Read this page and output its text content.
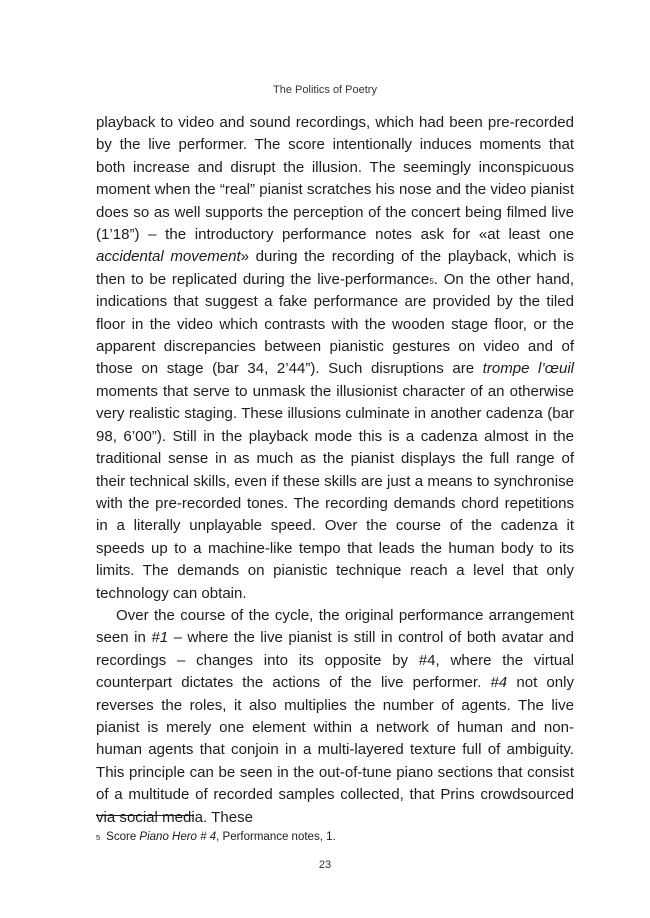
The Politics of Poetry

playback to video and sound recordings, which had been pre-recorded by the live performer. The score intentionally induces moments that both increase and disrupt the illusion. The seemingly inconspicuous moment when the “real” pianist scratches his nose and the video pianist does so as well supports the perception of the concert being filmed live (1’18”) – the introductory performance notes ask for «at least one accidental movement» during the recording of the playback, which is then to be replicated during the live-performance$^5$. On the other hand, indications that suggest a fake performance are provided by the tiled floor in the video which contrasts with the wooden stage floor, or the apparent discrepancies between pianistic gestures on video and of those on stage (bar 34, 2’44”). Such disruptions are trompe l’œuil moments that serve to unmask the illusionist character of an otherwise very realistic staging. These illusions culminate in another cadenza (bar 98, 6’00”). Still in the playback mode this is a cadenza almost in the traditional sense in as much as the pianist displays the full range of their technical skills, even if these skills are just a means to synchronise with the pre-recorded tones. The recording demands chord repetitions in a literally unplayable speed. Over the course of the cadenza it speeds up to a machine-like tempo that leads the human body to its limits. The demands on pianistic technique reach a level that only technology can obtain.

Over the course of the cycle, the original performance arrangement seen in #1 – where the live pianist is still in control of both avatar and recordings – changes into its opposite by #4, where the virtual counterpart dictates the actions of the live performer. #4 not only reverses the roles, it also multiplies the number of agents. The live pianist is merely one element within a network of human and non-human agents that conjoin in a multi-layered texture full of ambiguity. This principle can be seen in the out-of-tune piano sections that consist of a multitude of recorded samples collected, that Prins crowdsourced via social media. These

$^5$ Score Piano Hero # 4, Performance notes, 1.
23
